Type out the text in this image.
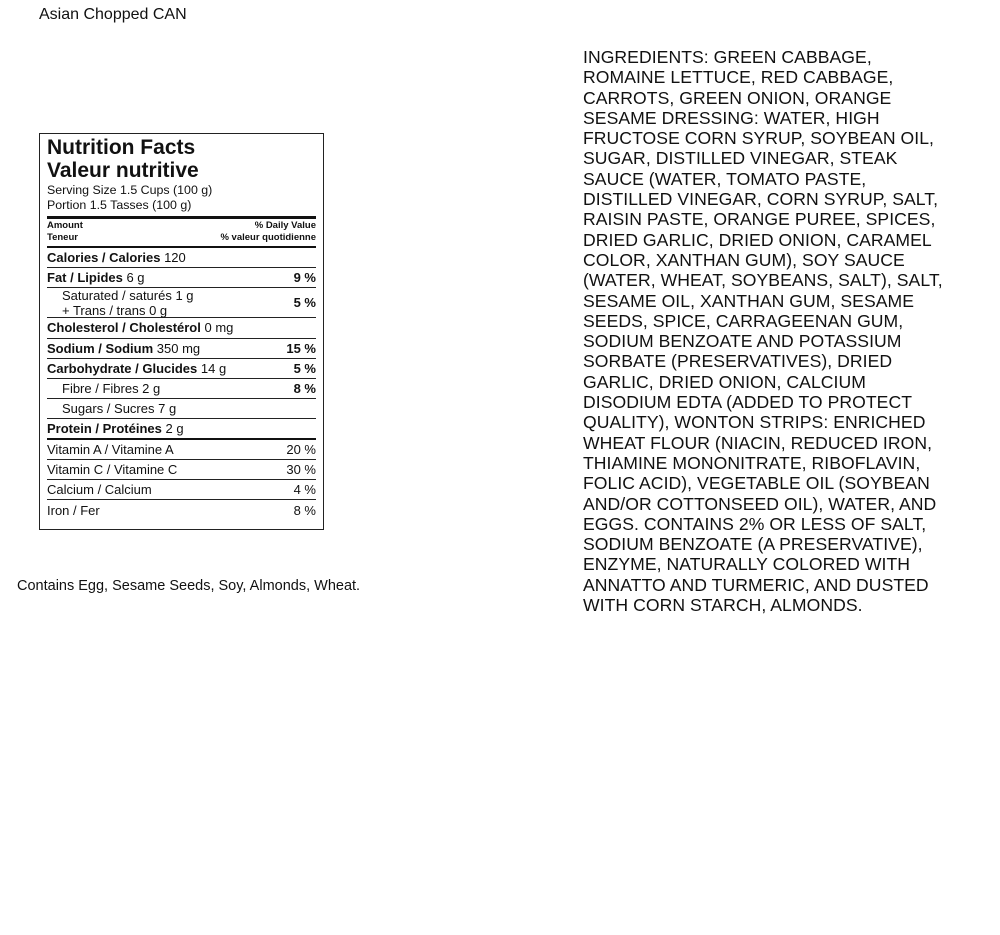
Asian Chopped CAN
Nutrition Facts
Valeur nutritive
Serving Size 1.5 Cups (100 g)
Portion 1.5 Tasses (100 g)
Amount
Teneur
% Daily Value
% valeur quotidienne
Calories / Calories 120
Fat / Lipides 6 g	9 %
Saturated / saturés 1 g
+ Trans / trans 0 g	5 %
Cholesterol / Cholestérol 0 mg
Sodium / Sodium 350 mg	15 %
Carbohydrate / Glucides 14 g	5 %
Fibre / Fibres 2 g	8 %
Sugars / Sucres 7 g
Protein / Protéines 2 g
Vitamin A / Vitamine A	20 %
Vitamin C / Vitamine C	30 %
Calcium / Calcium	4 %
Iron / Fer	8 %
Contains Egg, Sesame Seeds, Soy, Almonds, Wheat.
INGREDIENTS: GREEN CABBAGE,
ROMAINE LETTUCE, RED CABBAGE,
CARROTS, GREEN ONION, ORANGE
SESAME DRESSING: WATER, HIGH
FRUCTOSE CORN SYRUP, SOYBEAN OIL,
SUGAR, DISTILLED VINEGAR, STEAK
SAUCE (WATER, TOMATO PASTE,
DISTILLED VINEGAR, CORN SYRUP, SALT,
RAISIN PASTE, ORANGE PUREE, SPICES,
DRIED GARLIC, DRIED ONION, CARAMEL
COLOR, XANTHAN GUM), SOY SAUCE
(WATER, WHEAT, SOYBEANS, SALT), SALT,
SESAME OIL, XANTHAN GUM, SESAME
SEEDS, SPICE, CARRAGEENAN GUM,
SODIUM BENZOATE AND POTASSIUM
SORBATE (PRESERVATIVES), DRIED
GARLIC, DRIED ONION, CALCIUM
DISODIUM EDTA (ADDED TO PROTECT
QUALITY), WONTON STRIPS: ENRICHED
WHEAT FLOUR (NIACIN, REDUCED IRON,
THIAMINE MONONITRATE, RIBOFLAVIN,
FOLIC ACID), VEGETABLE OIL (SOYBEAN
AND/OR COTTONSEED OIL), WATER, AND
EGGS. CONTAINS 2% OR LESS OF SALT,
SODIUM BENZOATE (A PRESERVATIVE),
ENZYME, NATURALLY COLORED WITH
ANNATTO AND TURMERIC, AND DUSTED
WITH CORN STARCH, ALMONDS.
